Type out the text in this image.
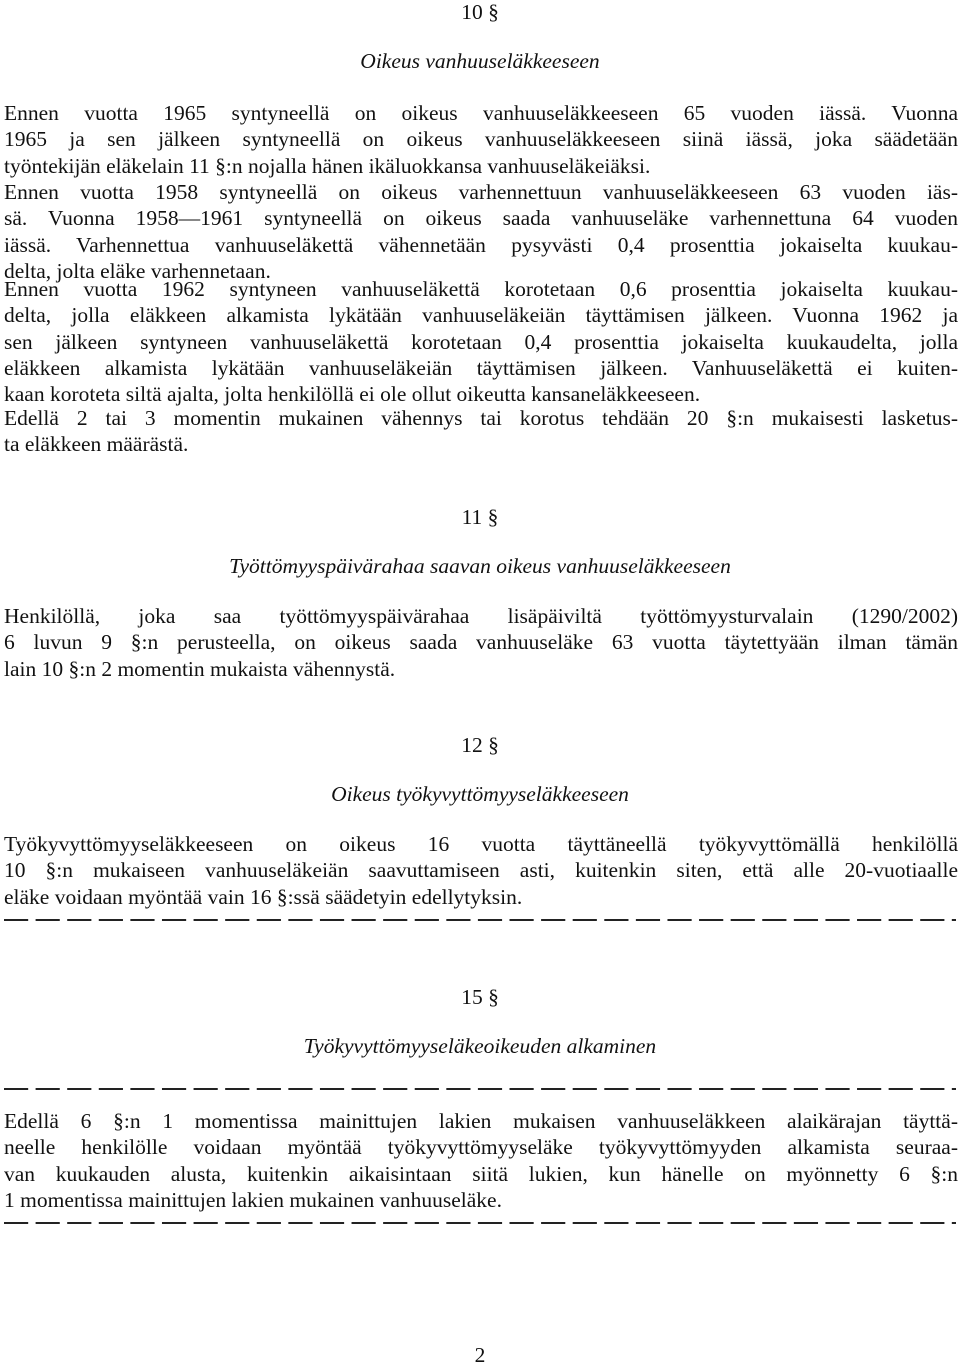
10 §
Oikeus vanhuuseläkkeeseen
Ennen vuotta 1965 syntyneellä on oikeus vanhuuseläkkeeseen 65 vuoden iässä. Vuonna
1965 ja sen jälkeen syntyneellä on oikeus vanhuuseläkkeeseen siinä iässä, joka säädetään
työntekijän eläkelain 11 §:n nojalla hänen ikäluokkansa vanhuuseläkeiäksi.
Ennen vuotta 1958 syntyneellä on oikeus varhennettuun vanhuuseläkkeeseen 63 vuoden iäs-
sä. Vuonna 1958—1961 syntyneellä on oikeus saada vanhuuseläke varhennettuna 64 vuoden
iässä. Varhennettua vanhuuseläkettä vähennetään pysyvästi 0,4 prosenttia jokaiselta kuukau-
delta, jolta eläke varhennetaan.
Ennen vuotta 1962 syntyneen vanhuuseläkettä korotetaan 0,6 prosenttia jokaiselta kuukau-
delta, jolla eläkkeen alkamista lykätään vanhuuseläkeiän täyttämisen jälkeen. Vuonna 1962 ja
sen jälkeen syntyneen vanhuuseläkettä korotetaan 0,4 prosenttia jokaiselta kuukaudelta, jolla
eläkkeen alkamista lykätään vanhuuseläkeiän täyttämisen jälkeen. Vanhuuseläkettä ei kuiten-
kaan koroteta siltä ajalta, jolta henkilöllä ei ole ollut oikeutta kansaneläkkeeseen.
Edellä 2 tai 3 momentin mukainen vähennys tai korotus tehdään 20 §:n mukaisesti lasketus-
ta eläkkeen määrästä.
11 §
Työttömyyspäivärahaa saavan oikeus vanhuuseläkkeeseen
Henkilöllä, joka saa työttömyyspäivärahaa lisäpäiviltä työttömyysturvalain (1290/2002)
6 luvun 9 §:n perusteella, on oikeus saada vanhuuseläke 63 vuotta täytettyään ilman tämän
lain 10 §:n 2 momentin mukaista vähennystä.
12 §
Oikeus työkyvyttömyyseläkkeeseen
Työkyvyttömyyseläkkeeseen on oikeus 16 vuotta täyttäneellä työkyvyttömällä henkilöllä
10 §:n mukaiseen vanhuuseläkeiän saavuttamiseen asti, kuitenkin siten, että alle 20-vuotiaalle
eläke voidaan myöntää vain 16 §:ssä säädetyin edellytyksin.
15 §
Työkyvyttömyyseläkeoikeuden alkaminen
Edellä 6 §:n 1 momentissa mainittujen lakien mukaisen vanhuuseläkkeen alaikärajan täyttä-
neelle henkilölle voidaan myöntää työkyvyttömyyseläke työkyvyttömyyden alkamista seuraa-
van kuukauden alusta, kuitenkin aikaisintaan siitä lukien, kun hänelle on myönnetty 6 §:n
1 momentissa mainittujen lakien mukainen vanhuuseläke.
2
